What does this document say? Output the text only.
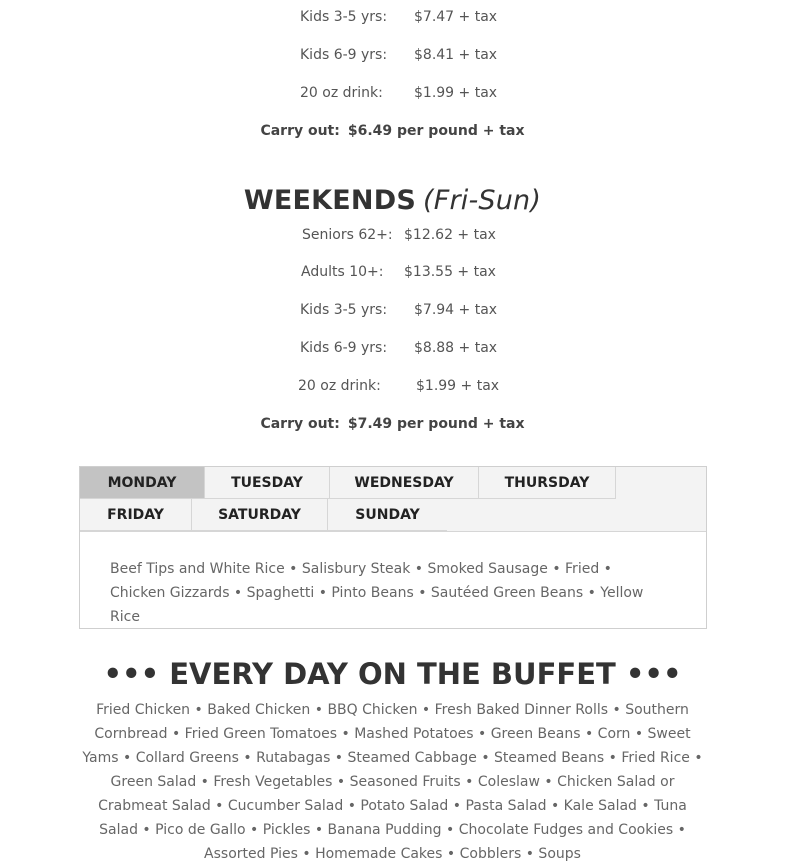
Kids 3-5 yrs: $7.47 + tax
Kids 6-9 yrs: $8.41 + tax
20 oz drink: $1.99 + tax
Carry out: $6.49 per pound + tax
WEEKENDS (Fri-Sun)
Seniors 62+: $12.62 + tax
Adults 10+: $13.55 + tax
Kids 3-5 yrs: $7.94 + tax
Kids 6-9 yrs: $8.88 + tax
20 oz drink:	$1.99 + tax
Carry out: $7.49 per pound + tax
MONDAY	TUESDAY	WEDNESDAY	THURSDAY
FRIDAY	SATURDAY	SUNDAY
Beef Tips and White Rice • Salisbury Steak • Smoked Sausage • Fried • Chicken Gizzards • Spaghetti • Pinto Beans • Sautéed Green Beans • Yellow Rice
••• EVERY DAY ON THE BUFFET •••
Fried Chicken • Baked Chicken • BBQ Chicken • Fresh Baked Dinner Rolls • Southern Cornbread • Fried Green Tomatoes • Mashed Potatoes • Green Beans • Corn • Sweet Yams • Collard Greens • Rutabagas • Steamed Cabbage • Steamed Beans • Fried Rice • Green Salad • Fresh Vegetables • Seasoned Fruits • Coleslaw • Chicken Salad or Crabmeat Salad • Cucumber Salad • Potato Salad • Pasta Salad • Kale Salad • Tuna Salad • Pico de Gallo • Pickles • Banana Pudding • Chocolate Fudges and Cookies • Assorted Pies • Homemade Cakes • Cobblers • Soups
